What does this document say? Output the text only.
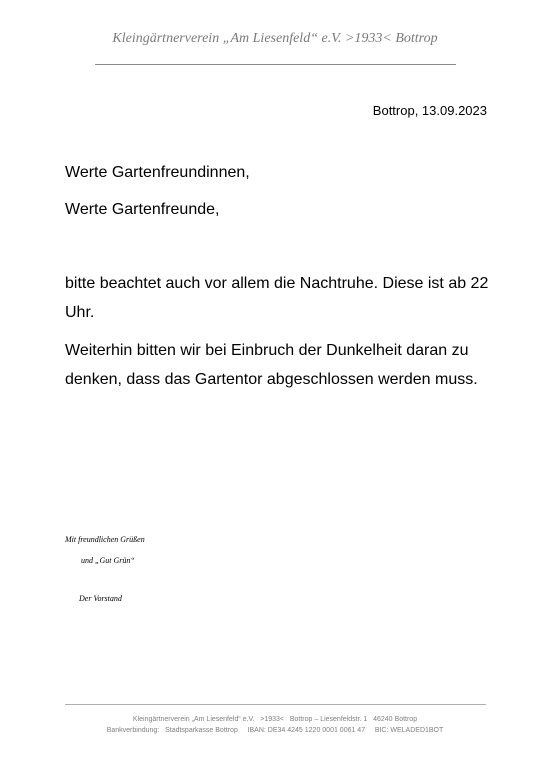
Kleingärtnerverein „Am Liesenfeld“ e.V. >1933< Bottrop
Bottrop, 13.09.2023
Werte Gartenfreundinnen,
Werte Gartenfreunde,
bitte beachtet auch vor allem die Nachtruhe. Diese ist ab 22 Uhr.
Weiterhin bitten wir bei Einbruch der Dunkelheit daran zu denken, dass das Gartentor abgeschlossen werden muss.
Mit freundlichen Grüßen
und „Gut Grün“
Der Vorstand
Kleingärtnerverein „Am Liesenfeld“ e.V.   >1933<   Bottrop – Liesenfeldstr. 1   46240 Bottrop
Bankverbindung:   Stadtsparkasse Bottrop     IBAN: DE34 4245 1220 0001 0061 47     BIC: WELADED1BOT
